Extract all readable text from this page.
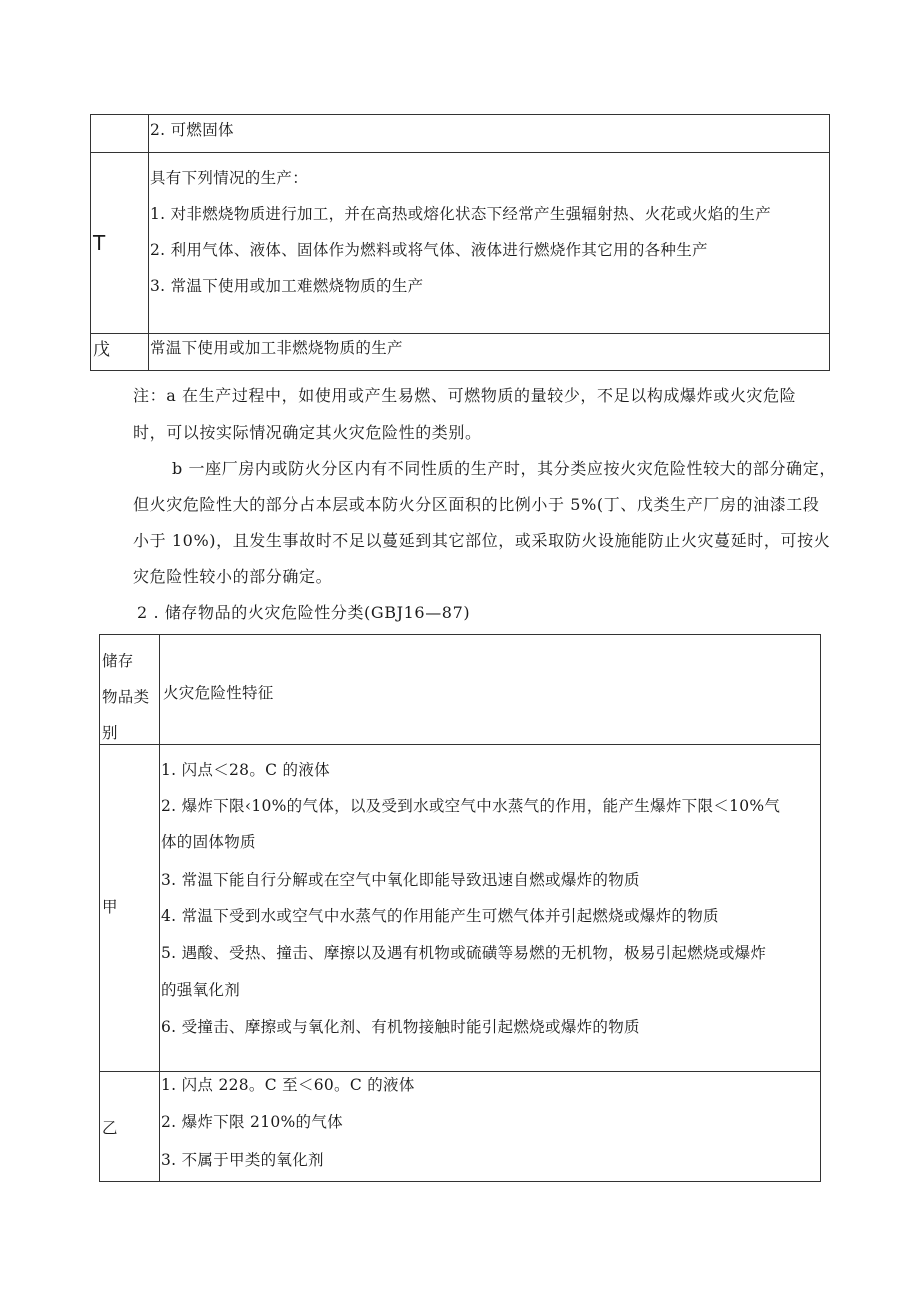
2. 可燃固体
T
具有下列情况的生产：
1. 对非燃烧物质进行加工，并在高热或熔化状态下经常产生强辐射热、火花或火焰的生产
2. 利用气体、液体、固体作为燃料或将气体、液体进行燃烧作其它用的各种生产
3. 常温下使用或加工难燃烧物质的生产
戊	常温下使用或加工非燃烧物质的生产
注：a 在生产过程中，如使用或产生易燃、可燃物质的量较少，不足以构成爆炸或火灾危险
时，可以按实际情况确定其火灾危险性的类别。
b 一座厂房内或防火分区内有不同性质的生产时，其分类应按火灾危险性较大的部分确定，
但火灾危险性大的部分占本层或本防火分区面积的比例小于 5%(丁、戊类生产厂房的油漆工段
小于 10%)，且发生事故时不足以蔓延到其它部位，或采取防火设施能防止火灾蔓延时，可按火
灾危险性较小的部分确定。
2 . 储存物品的火灾危险性分类(GBJ16—87)
储存
物品类
别
火灾危险性特征
甲
1. 闪点＜28。C 的液体
2. 爆炸下限‹10%的气体，以及受到水或空气中水蒸气的作用，能产生爆炸下限＜10%气
体的固体物质
3. 常温下能自行分解或在空气中氧化即能导致迅速自燃或爆炸的物质
4. 常温下受到水或空气中水蒸气的作用能产生可燃气体并引起燃烧或爆炸的物质
5. 遇酸、受热、撞击、摩擦以及遇有机物或硫磺等易燃的无机物，极易引起燃烧或爆炸
的强氧化剂
6. 受撞击、摩擦或与氧化剂、有机物接触时能引起燃烧或爆炸的物质
乙
1. 闪点 228。C 至＜60。C 的液体
2. 爆炸下限 210%的气体
3. 不属于甲类的氧化剂
